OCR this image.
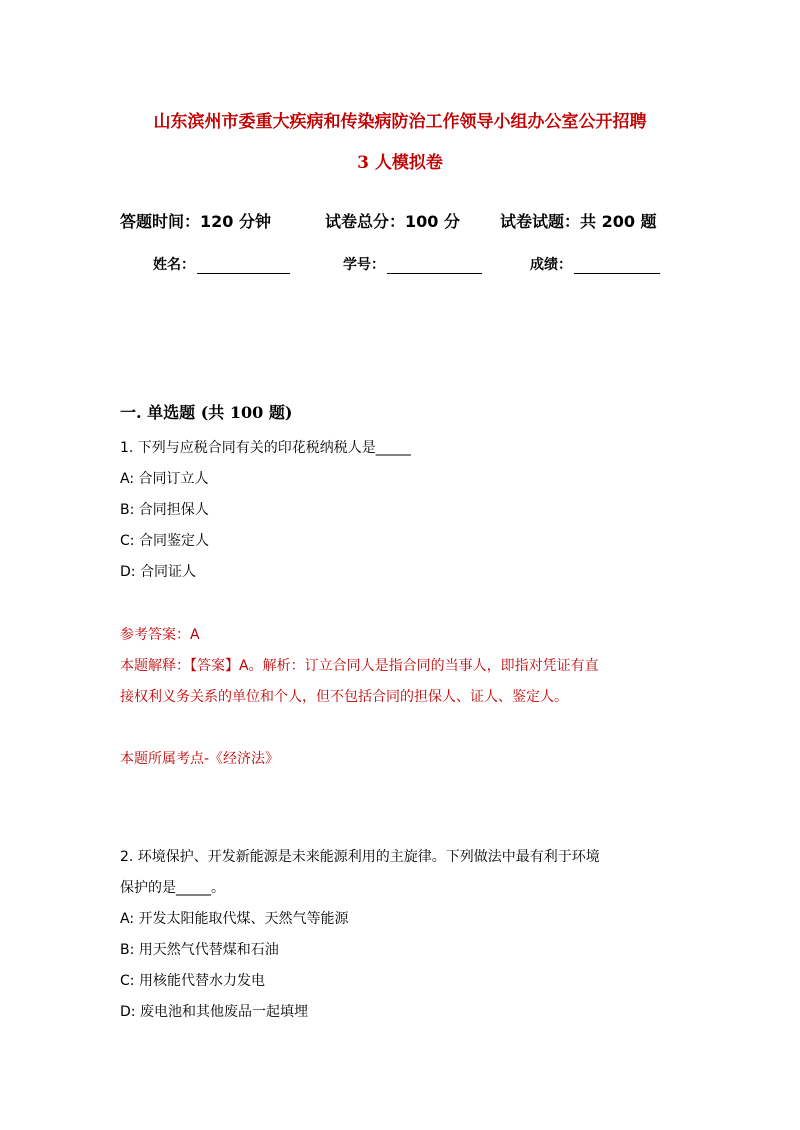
山东滨州市委重大疾病和传染病防治工作领导小组办公室公开招聘
3 人模拟卷
答题时间：120 分钟	试卷总分：100 分	试卷试题：共 200 题
姓名：	学号：	成绩：
一. 单选题 (共 100 题)
1. 下列与应税合同有关的印花税纳税人是_____
A: 合同订立人
B: 合同担保人
C: 合同鉴定人
D: 合同证人
参考答案：A
本题解释：【答案】A。解析：订立合同人是指合同的当事人，即指对凭证有直
接权利义务关系的单位和个人，但不包括合同的担保人、证人、鉴定人。
本题所属考点-《经济法》
2. 环境保护、开发新能源是未来能源利用的主旋律。下列做法中最有利于环境
保护的是_____。
A: 开发太阳能取代煤、天然气等能源
B: 用天然气代替煤和石油
C: 用核能代替水力发电
D: 废电池和其他废品一起填埋
